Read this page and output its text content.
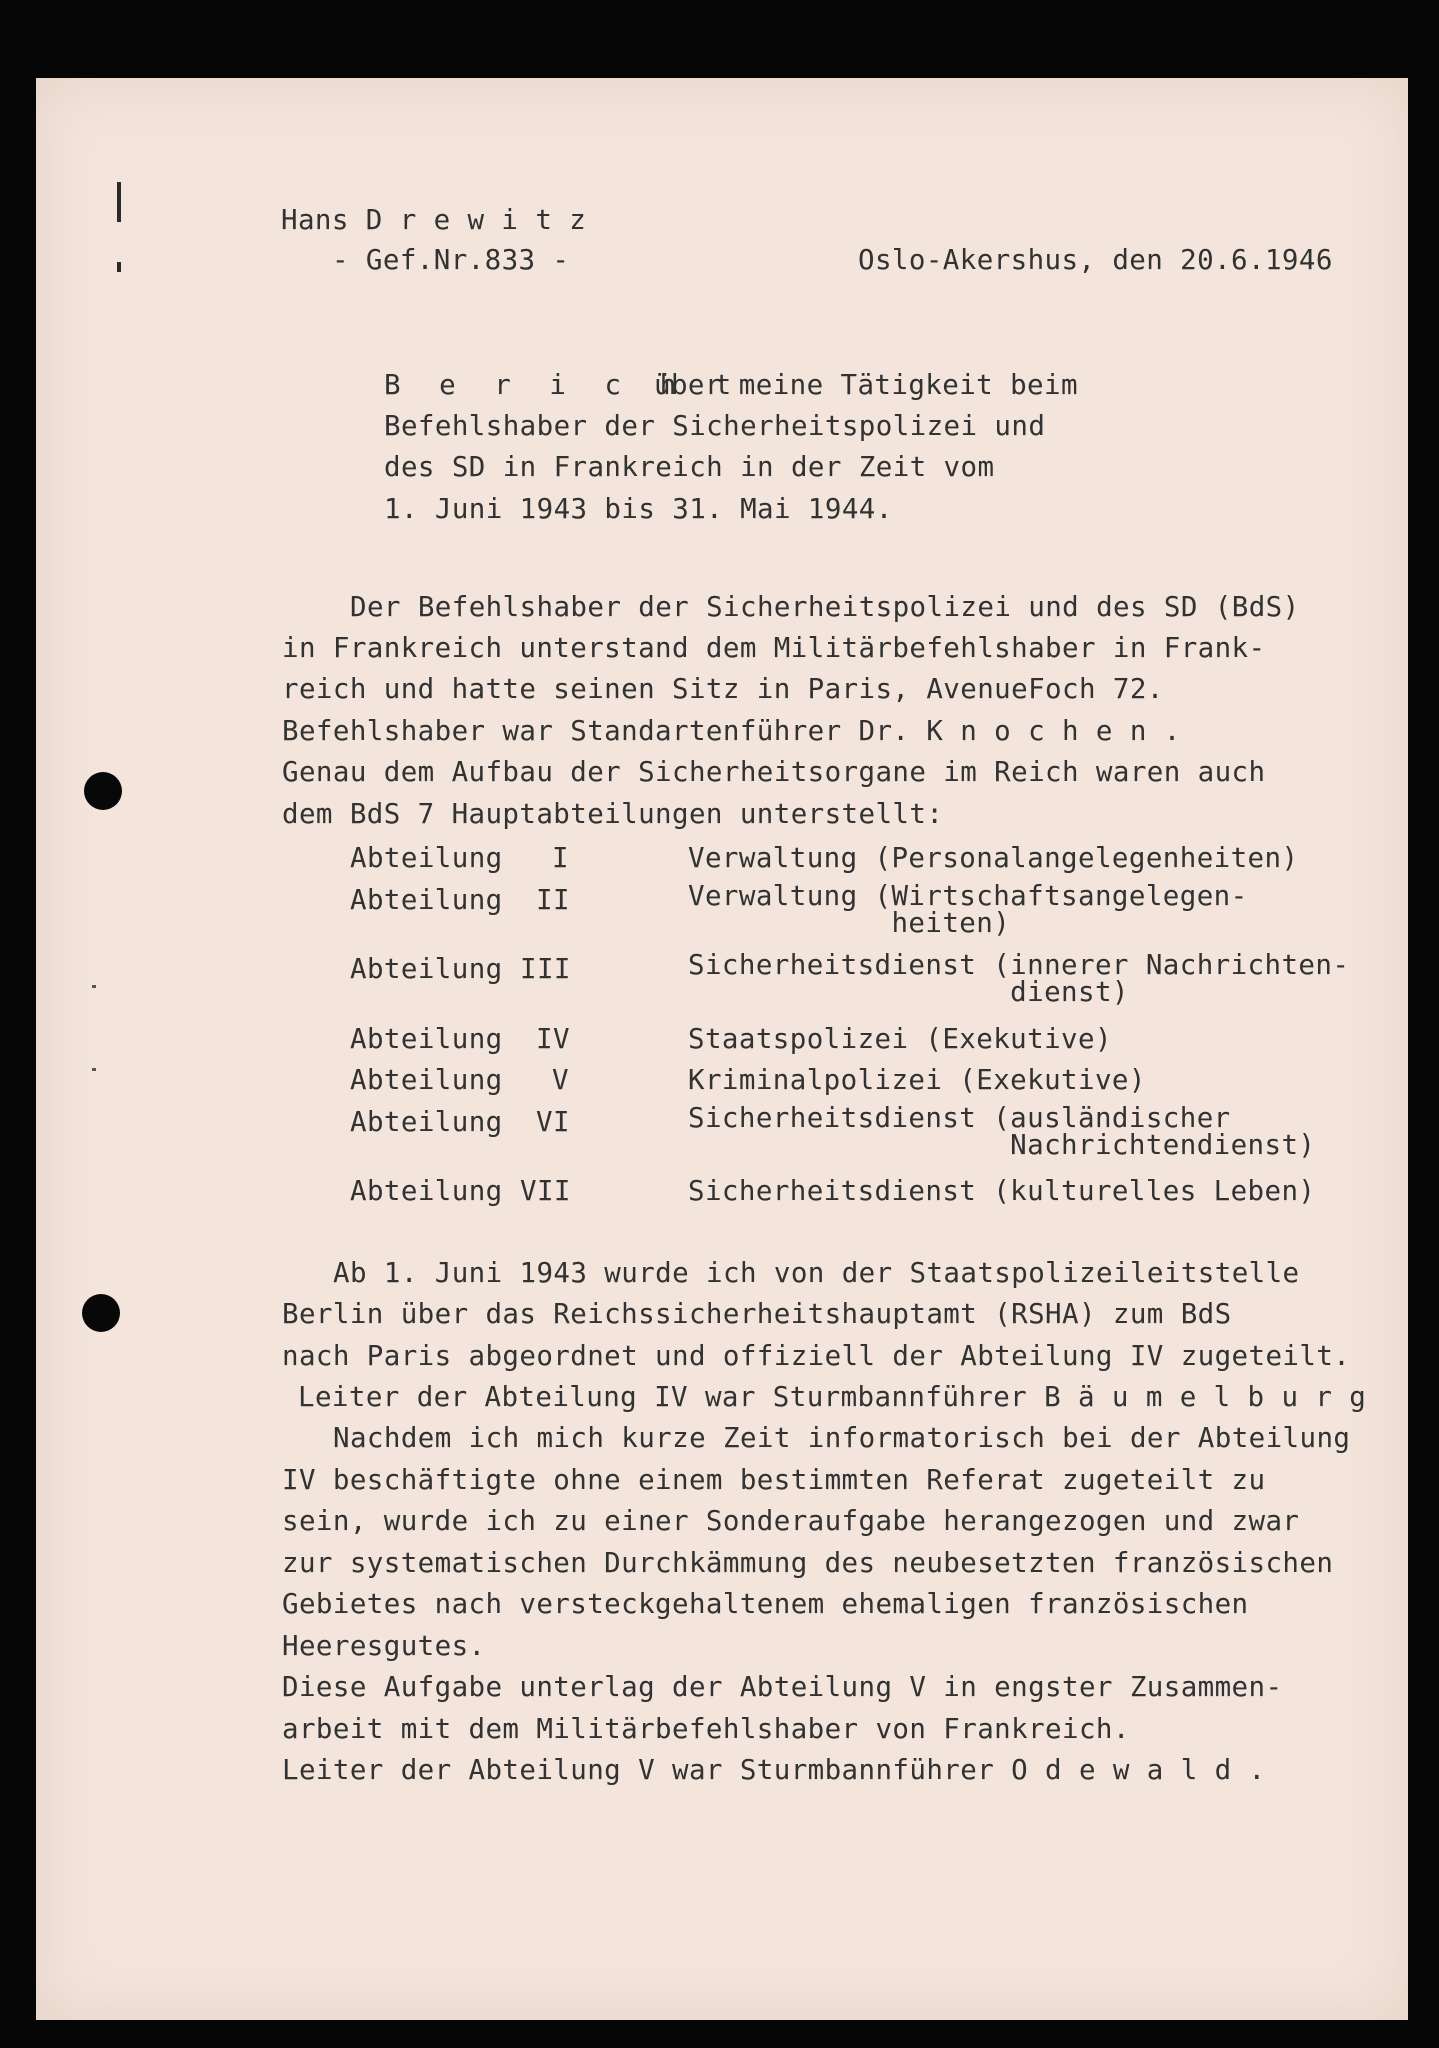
Hans D r e w i t z
- Gef.Nr.833 -	Oslo-Akershus, den 20.6.1946
B e r i c h t
über meine Tätigkeit beim
Befehlshaber der Sicherheitspolizei und
des SD in Frankreich in der Zeit vom
1. Juni 1943 bis 31. Mai 1944.
Der Befehlshaber der Sicherheitspolizei und des SD (BdS)
in Frankreich unterstand dem Militärbefehlshaber in Frank-
reich und hatte seinen Sitz in Paris, AvenueFoch 72.
Befehlshaber war Standartenführer Dr. K n o c h e n .
Genau dem Aufbau der Sicherheitsorgane im Reich waren auch
dem BdS 7 Hauptabteilungen unterstellt:
Abteilung I	Verwaltung (Personalangelegenheiten)
Abteilung II	Verwaltung (Wirtschaftsangelegen-
heiten)
Abteilung III	Sicherheitsdienst (innerer Nachrichten-
dienst)
Abteilung IV	Staatspolizei (Exekutive)
Abteilung V	Kriminalpolizei (Exekutive)
Abteilung VI	Sicherheitsdienst (ausländischer
Nachrichtendienst)
Abteilung VII	Sicherheitsdienst (kulturelles Leben)
Ab 1. Juni 1943 wurde ich von der Staatspolizeileitstelle
Berlin über das Reichssicherheitshauptamt (RSHA) zum BdS
nach Paris abgeordnet und offiziell der Abteilung IV zugeteilt.
Leiter der Abteilung IV war Sturmbannführer B ä u m e l b u r g
Nachdem ich mich kurze Zeit informatorisch bei der Abteilung
IV beschäftigte ohne einem bestimmten Referat zugeteilt zu
sein, wurde ich zu einer Sonderaufgabe herangezogen und zwar
zur systematischen Durchkämmung des neubesetzten französischen
Gebietes nach versteckgehaltenem ehemaligen französischen
Heeresgutes.
Diese Aufgabe unterlag der Abteilung V in engster Zusammen-
arbeit mit dem Militärbefehlshaber von Frankreich.
Leiter der Abteilung V war Sturmbannführer O d e w a l d .
